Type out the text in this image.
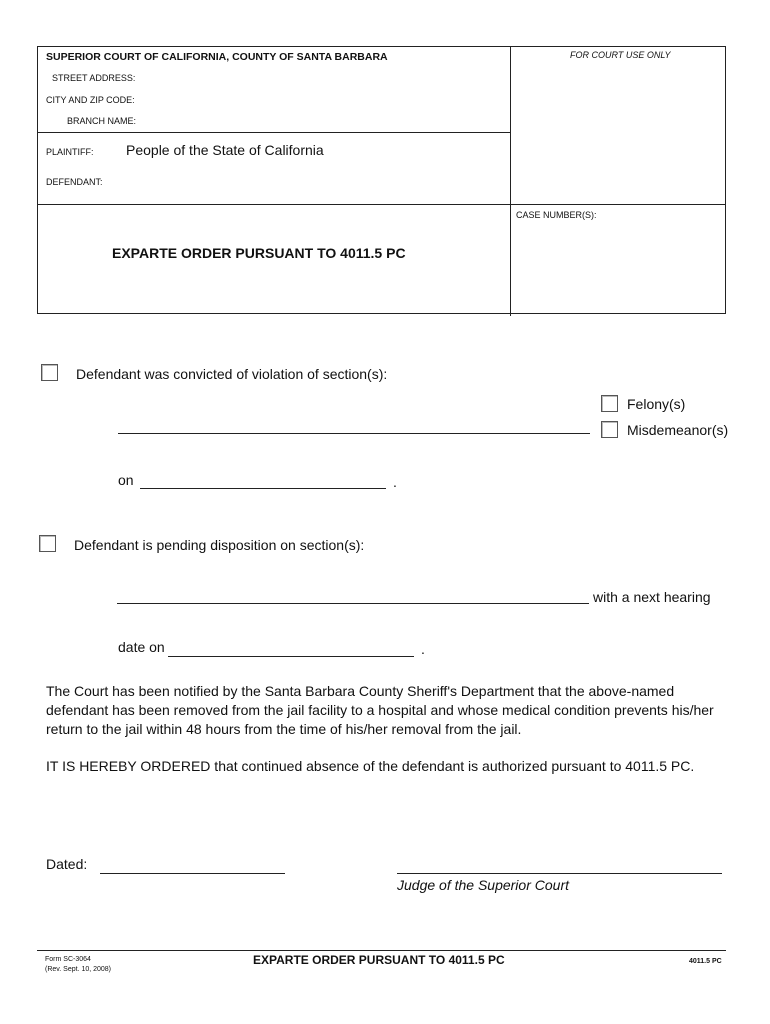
SUPERIOR COURT OF CALIFORNIA, COUNTY OF SANTA BARBARA
STREET ADDRESS:
CITY AND ZIP CODE:
BRANCH NAME:
FOR COURT USE ONLY
PLAINTIFF: People of the State of California
DEFENDANT:
CASE NUMBER(S):
EXPARTE ORDER PURSUANT TO 4011.5 PC
Defendant was convicted of violation of section(s):
Felony(s)
Misdemeanor(s)
on	.
Defendant is pending disposition on section(s):
with a next hearing
date on	.
The Court has been notified by the Santa Barbara County Sheriff's Department that the above-named defendant has been removed from the jail facility to a hospital and whose medical condition prevents his/her return to the jail within 48 hours from the time of his/her removal from the jail.
IT IS HEREBY ORDERED that continued absence of the defendant is authorized pursuant to 4011.5 PC.
Dated:
Judge of the Superior Court
Form SC-3064
(Rev. Sept. 10, 2008)
EXPARTE ORDER PURSUANT TO 4011.5 PC	4011.5 PC
